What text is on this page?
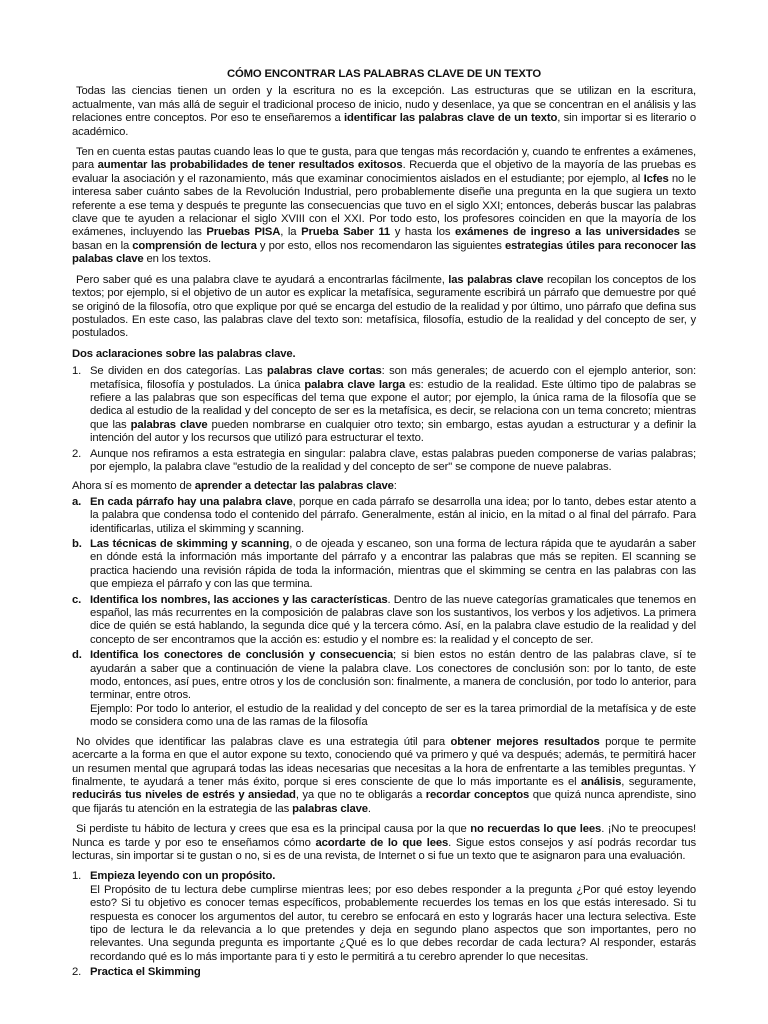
CÓMO ENCONTRAR LAS PALABRAS CLAVE DE UN TEXTO

Todas las ciencias tienen un orden y la escritura no es la excepción. Las estructuras que se utilizan en la escritura, actualmente, van más allá de seguir el tradicional proceso de inicio, nudo y desenlace, ya que se concentran en el análisis y las relaciones entre conceptos. Por eso te enseñaremos a identificar las palabras clave de un texto, sin importar si es literario o académico.

Ten en cuenta estas pautas cuando leas lo que te gusta, para que tengas más recordación y, cuando te enfrentes a exámenes, para aumentar las probabilidades de tener resultados exitosos. Recuerda que el objetivo de la mayoría de las pruebas es evaluar la asociación y el razonamiento, más que examinar conocimientos aislados en el estudiante; por ejemplo, al Icfes no le interesa saber cuánto sabes de la Revolución Industrial, pero probablemente diseñe una pregunta en la que sugiera un texto referente a ese tema y después te pregunte las consecuencias que tuvo en el siglo XXI; entonces, deberás buscar las palabras clave que te ayuden a relacionar el siglo XVIII con el XXI. Por todo esto, los profesores coinciden en que la mayoría de los exámenes, incluyendo las Pruebas PISA, la Prueba Saber 11 y hasta los exámenes de ingreso a las universidades se basan en la comprensión de lectura y por esto, ellos nos recomendaron las siguientes estrategias útiles para reconocer las palabas clave en los textos.

Pero saber qué es una palabra clave te ayudará a encontrarlas fácilmente, las palabras clave recopilan los conceptos de los textos; por ejemplo, si el objetivo de un autor es explicar la metafísica, seguramente escribirá un párrafo que demuestre por qué se originó de la filosofía, otro que explique por qué se encarga del estudio de la realidad y por último, uno párrafo que defina sus postulados. En este caso, las palabras clave del texto son: metafísica, filosofía, estudio de la realidad y del concepto de ser, y postulados.

Dos aclaraciones sobre las palabras clave.
1. Se dividen en dos categorías. Las palabras clave cortas: son más generales; de acuerdo con el ejemplo anterior, son: metafísica, filosofía y postulados. La única palabra clave larga es: estudio de la realidad. Este último tipo de palabras se refiere a las palabras que son específicas del tema que expone el autor; por ejemplo, la única rama de la filosofía que se dedica al estudio de la realidad y del concepto de ser es la metafísica, es decir, se relaciona con un tema concreto; mientras que las palabras clave pueden nombrarse en cualquier otro texto; sin embargo, estas ayudan a estructurar y a definir la intención del autor y los recursos que utilizó para estructurar el texto.
2. Aunque nos refiramos a esta estrategia en singular: palabra clave, estas palabras pueden componerse de varias palabras; por ejemplo, la palabra clave "estudio de la realidad y del concepto de ser" se compone de nueve palabras.

Ahora sí es momento de aprender a detectar las palabras clave:

a. En cada párrafo hay una palabra clave, porque en cada párrafo se desarrolla una idea; por lo tanto, debes estar atento a la palabra que condensa todo el contenido del párrafo. Generalmente, están al inicio, en la mitad o al final del párrafo. Para identificarlas, utiliza el skimming y scanning.
b. Las técnicas de skimming y scanning, o de ojeada y escaneo, son una forma de lectura rápida que te ayudarán a saber en dónde está la información más importante del párrafo y a encontrar las palabras que más se repiten. El scanning se practica haciendo una revisión rápida de toda la información, mientras que el skimming se centra en las palabras con las que empieza el párrafo y con las que termina.
c. Identifica los nombres, las acciones y las características. Dentro de las nueve categorías gramaticales que tenemos en español, las más recurrentes en la composición de palabras clave son los sustantivos, los verbos y los adjetivos. La primera dice de quién se está hablando, la segunda dice qué y la tercera cómo. Así, en la palabra clave estudio de la realidad y del concepto de ser encontramos que la acción es: estudio y el nombre es: la realidad y el concepto de ser.
d. Identifica los conectores de conclusión y consecuencia; si bien estos no están dentro de las palabras clave, sí te ayudarán a saber que a continuación de viene la palabra clave. Los conectores de conclusión son: por lo tanto, de este modo, entonces, así pues, entre otros y los de conclusión son: finalmente, a manera de conclusión, por todo lo anterior, para terminar, entre otros.
Ejemplo: Por todo lo anterior, el estudio de la realidad y del concepto de ser es la tarea primordial de la metafísica y de este modo se considera como una de las ramas de la filosofía

No olvides que identificar las palabras clave es una estrategia útil para obtener mejores resultados porque te permite acercarte a la forma en que el autor expone su texto, conociendo qué va primero y qué va después; además, te permitirá hacer un resumen mental que agrupará todas las ideas necesarias que necesitas a la hora de enfrentarte a las temibles preguntas. Y finalmente, te ayudará a tener más éxito, porque si eres consciente de que lo más importante es el análisis, seguramente, reducirás tus niveles de estrés y ansiedad, ya que no te obligarás a recordar conceptos que quizá nunca aprendiste, sino que fijarás tu atención en la estrategia de las palabras clave.

Si perdiste tu hábito de lectura y crees que esa es la principal causa por la que no recuerdas lo que lees. ¡No te preocupes! Nunca es tarde y por eso te enseñamos cómo acordarte de lo que lees. Sigue estos consejos y así podrás recordar tus lecturas, sin importar si te gustan o no, si es de una revista, de Internet o si fue un texto que te asignaron para una evaluación.

1. Empieza leyendo con un propósito.
El Propósito de tu lectura debe cumplirse mientras lees; por eso debes responder a la pregunta ¿Por qué estoy leyendo esto? Si tu objetivo es conocer temas específicos, probablemente recuerdes los temas en los que estás interesado. Si tu respuesta es conocer los argumentos del autor, tu cerebro se enfocará en esto y lograrás hacer una lectura selectiva. Este tipo de lectura le da relevancia a lo que pretendes y deja en segundo plano aspectos que son importantes, pero no relevantes. Una segunda pregunta es importante ¿Qué es lo que debes recordar de cada lectura? Al responder, estarás recordando qué es lo más importante para ti y esto le permitirá a tu cerebro aprender lo que necesitas.
2. Practica el Skimming
